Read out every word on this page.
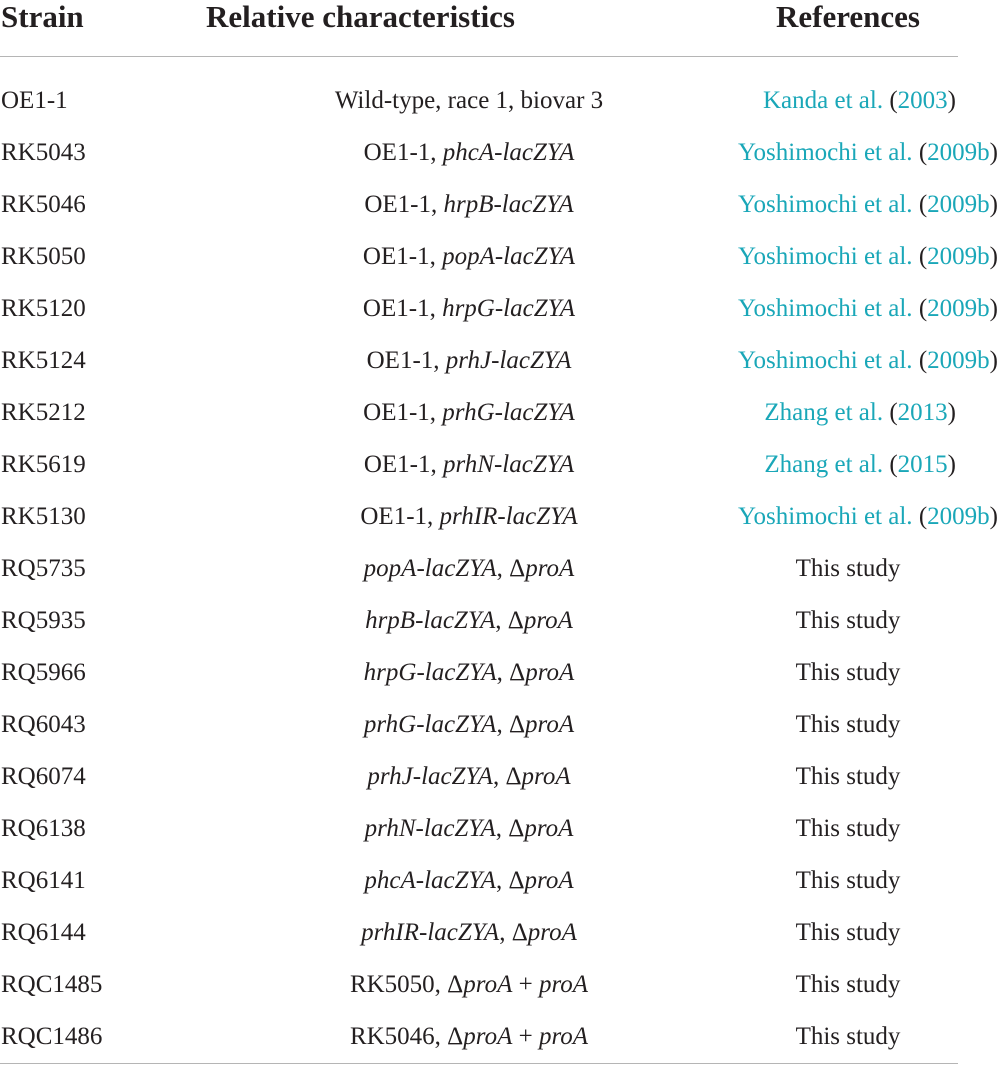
Strain	Relative characteristics	References

OE1-1	Wild-type, race 1, biovar 3	Kanda et al. (2003)
RK5043	OE1-1, phcA-lacZYA	Yoshimochi et al. (2009b)
RK5046	OE1-1, hrpB-lacZYA	Yoshimochi et al. (2009b)
RK5050	OE1-1, popA-lacZYA	Yoshimochi et al. (2009b)
RK5120	OE1-1, hrpG-lacZYA	Yoshimochi et al. (2009b)
RK5124	OE1-1, prhJ-lacZYA	Yoshimochi et al. (2009b)
RK5212	OE1-1, prhG-lacZYA	Zhang et al. (2013)
RK5619	OE1-1, prhN-lacZYA	Zhang et al. (2015)
RK5130	OE1-1, prhIR-lacZYA	Yoshimochi et al. (2009b)
RQ5735	popA-lacZYA, ΔproA	This study
RQ5935	hrpB-lacZYA, ΔproA	This study
RQ5966	hrpG-lacZYA, ΔproA	This study
RQ6043	prhG-lacZYA, ΔproA	This study
RQ6074	prhJ-lacZYA, ΔproA	This study
RQ6138	prhN-lacZYA, ΔproA	This study
RQ6141	phcA-lacZYA, ΔproA	This study
RQ6144	prhIR-lacZYA, ΔproA	This study
RQC1485	RK5050, ΔproA + proA	This study
RQC1486	RK5046, ΔproA + proA	This study
